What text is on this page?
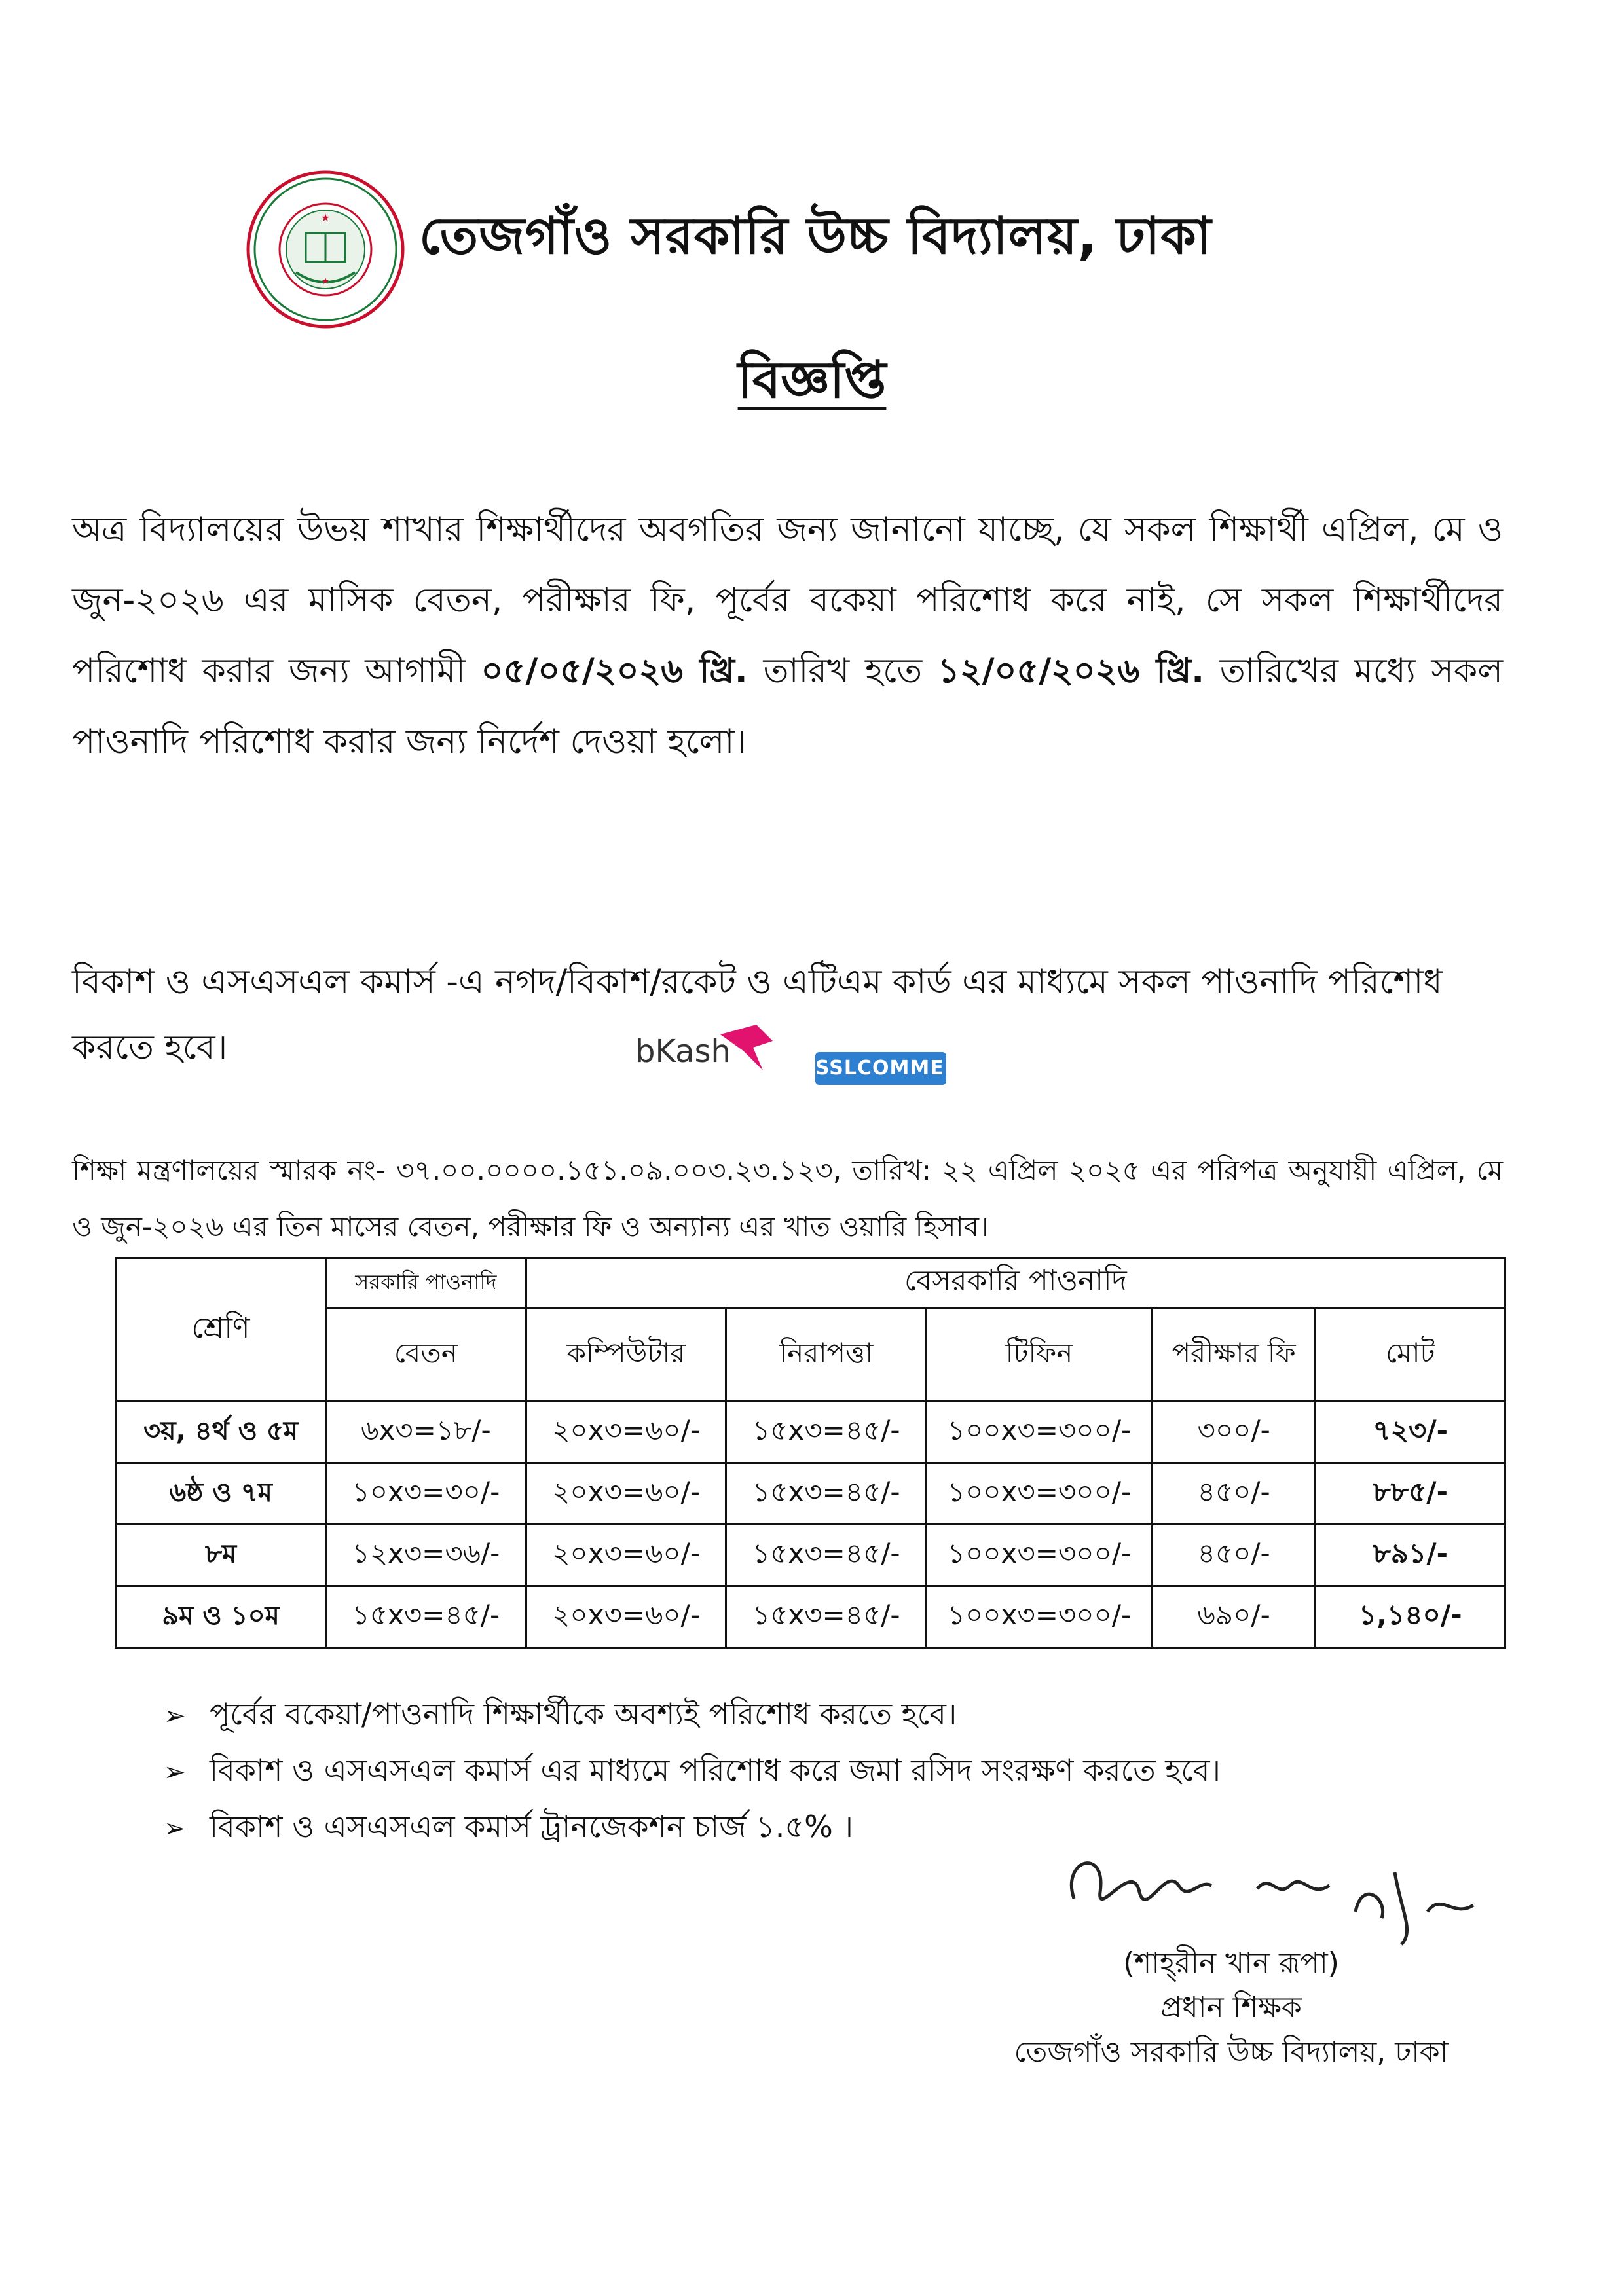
★
★
তেজগাঁও সরকারি উচ্চ বিদ্যালয়, ঢাকা
বিজ্ঞপ্তি
অত্র বিদ্যালয়ের উভয় শাখার শিক্ষার্থীদের অবগতির জন্য জানানো যাচ্ছে, যে সকল শিক্ষার্থী এপ্রিল, মে ও জুন-২০২৬ এর মাসিক বেতন, পরীক্ষার ফি, পূর্বের বকেয়া পরিশোধ করে নাই, সে সকল শিক্ষার্থীদের পরিশোধ করার জন্য আগামী ০৫/০৫/২০২৬ খ্রি. তারিখ হতে ১২/০৫/২০২৬ খ্রি. তারিখের মধ্যে সকল পাওনাদি পরিশোধ করার জন্য নির্দেশ দেওয়া হলো।
বিকাশ ও এসএসএল কমার্স -এ নগদ/বিকাশ/রকেট ও এটিএম কার্ড এর মাধ্যমে সকল পাওনাদি পরিশোধ করতে হবে।	bKash	SSLCOMMERZ
শিক্ষা মন্ত্রণালয়ের স্মারক নং- ৩৭.০০.০০০০.১৫১.০৯.০০৩.২৩.১২৩, তারিখ: ২২ এপ্রিল ২০২৫ এর পরিপত্র অনুযায়ী এপ্রিল, মে ও জুন-২০২৬ এর তিন মাসের বেতন, পরীক্ষার ফি ও অন্যান্য এর খাত ওয়ারি হিসাব।
শ্রেণি	সরকারি পাওনাদি	বেসরকারি পাওনাদি				
	বেতন	কম্পিউটার	নিরাপত্তা	টিফিন	পরীক্ষার ফি	মোট
৩য়, ৪র্থ ও ৫ম	৬x৩=১৮/-	২০x৩=৬০/-	১৫x৩=৪৫/-	১০০x৩=৩০০/-	৩০০/-	৭২৩/-
৬ষ্ঠ ও ৭ম	১০x৩=৩০/-	২০x৩=৬০/-	১৫x৩=৪৫/-	১০০x৩=৩০০/-	৪৫০/-	৮৮৫/-
৮ম	১২x৩=৩৬/-	২০x৩=৬০/-	১৫x৩=৪৫/-	১০০x৩=৩০০/-	৪৫০/-	৮৯১/-
৯ম ও ১০ম	১৫x৩=৪৫/-	২০x৩=৬০/-	১৫x৩=৪৫/-	১০০x৩=৩০০/-	৬৯০/-	১,১৪০/-
➢ পূর্বের বকেয়া/পাওনাদি শিক্ষার্থীকে অবশ্যই পরিশোধ করতে হবে।
➢ বিকাশ ও এসএসএল কমার্স এর মাধ্যমে পরিশোধ করে জমা রসিদ সংরক্ষণ করতে হবে।
➢ বিকাশ ও এসএসএল কমার্স ট্রানজেকশন চার্জ ১.৫% ।
(শাহ্‌রীন খান রূপা)
প্রধান শিক্ষক
তেজগাঁও সরকারি উচ্চ বিদ্যালয়, ঢাকা
